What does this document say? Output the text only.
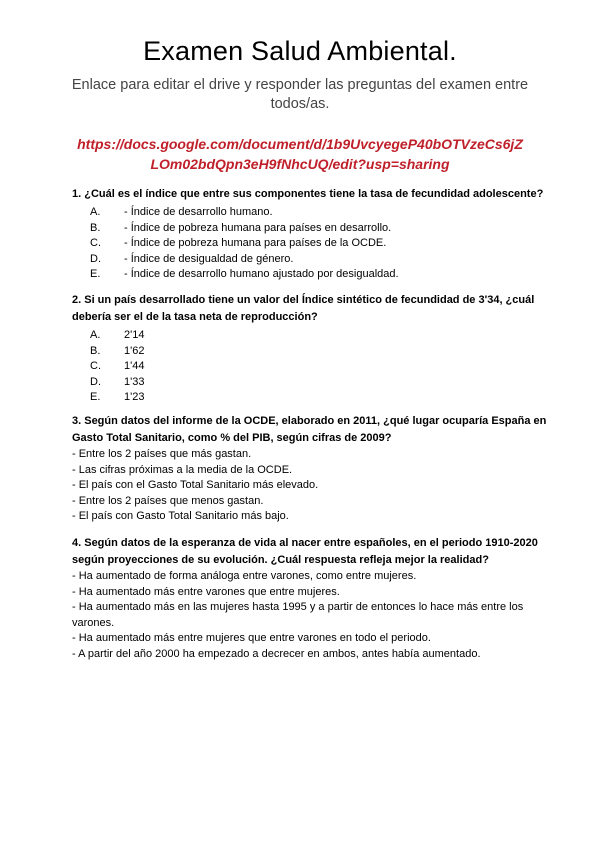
Examen Salud Ambiental.

Enlace para editar el drive y responder las preguntas del examen entre todos/as.

https://docs.google.com/document/d/1b9UvcyegeP40bOTVzeCs6jZ
LOm02bdQpn3eH9fNhcUQ/edit?usp=sharing

1. ¿Cuál es el índice que entre sus componentes tiene la tasa de fecundidad adolescente?

A.	- Índice de desarrollo humano.
B.	- Índice de pobreza humana para países en desarrollo.
C.	- Índice de pobreza humana para países de la OCDE.
D.	- Índice de desigualdad de género.
E.	- Índice de desarrollo humano ajustado por desigualdad.

2. Si un país desarrollado tiene un valor del Índice sintético de fecundidad de 3'34, ¿cuál debería ser el de la tasa neta de reproducción?

A.	2'14
B.	1'62
C.	1'44
D.	1'33
E.	1'23

3. Según datos del informe de la OCDE, elaborado en 2011, ¿qué lugar ocuparía España en Gasto Total Sanitario, como % del PIB, según cifras de 2009?

- Entre los 2 países que más gastan.
- Las cifras próximas a la media de la OCDE.
- El país con el Gasto Total Sanitario más elevado.
- Entre los 2 países que menos gastan.
- El país con Gasto Total Sanitario más bajo.

4. Según datos de la esperanza de vida al nacer entre españoles, en el periodo 1910-2020 según proyecciones de su evolución. ¿Cuál respuesta refleja mejor la realidad?

- Ha aumentado de forma análoga entre varones, como entre mujeres.
- Ha aumentado más entre varones que entre mujeres.
- Ha aumentado más en las mujeres hasta 1995 y a partir de entonces lo hace más entre los varones.
- Ha aumentado más entre mujeres que entre varones en todo el periodo.
- A partir del año 2000 ha empezado a decrecer en ambos, antes había aumentado.
